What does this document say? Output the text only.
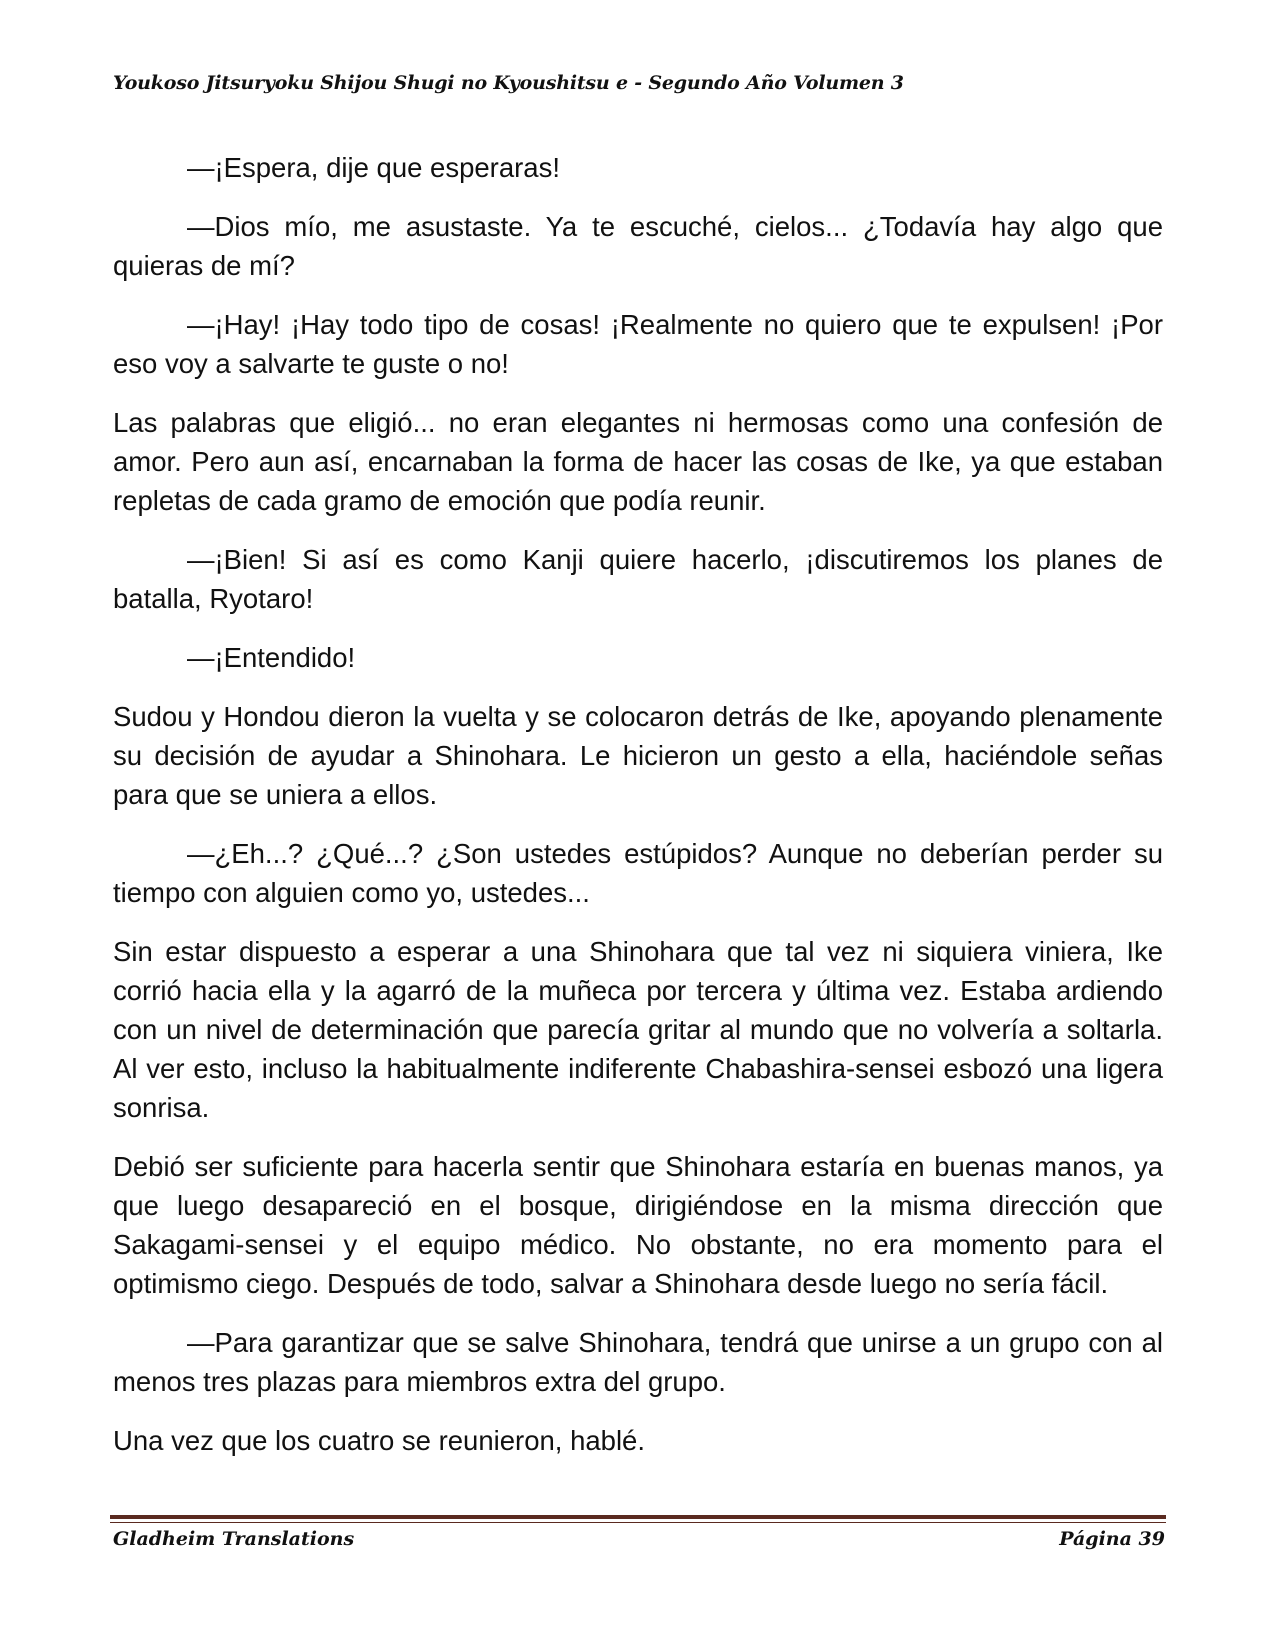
Youkoso Jitsuryoku Shijou Shugi no Kyoushitsu e - Segundo Año Volumen 3

—¡Espera, dije que esperaras!

—Dios mío, me asustaste. Ya te escuché, cielos... ¿Todavía hay algo que quieras de mí?

—¡Hay! ¡Hay todo tipo de cosas! ¡Realmente no quiero que te expulsen! ¡Por eso voy a salvarte te guste o no!

Las palabras que eligió... no eran elegantes ni hermosas como una confesión de amor. Pero aun así, encarnaban la forma de hacer las cosas de Ike, ya que estaban repletas de cada gramo de emoción que podía reunir.

—¡Bien! Si así es como Kanji quiere hacerlo, ¡discutiremos los planes de batalla, Ryotaro!

—¡Entendido!

Sudou y Hondou dieron la vuelta y se colocaron detrás de Ike, apoyando plenamente su decisión de ayudar a Shinohara. Le hicieron un gesto a ella, haciéndole señas para que se uniera a ellos.

—¿Eh...? ¿Qué...? ¿Son ustedes estúpidos? Aunque no deberían perder su tiempo con alguien como yo, ustedes...

Sin estar dispuesto a esperar a una Shinohara que tal vez ni siquiera viniera, Ike corrió hacia ella y la agarró de la muñeca por tercera y última vez. Estaba ardiendo con un nivel de determinación que parecía gritar al mundo que no volvería a soltarla. Al ver esto, incluso la habitualmente indiferente Chabashira-sensei esbozó una ligera sonrisa.

Debió ser suficiente para hacerla sentir que Shinohara estaría en buenas manos, ya que luego desapareció en el bosque, dirigiéndose en la misma dirección que Sakagami-sensei y el equipo médico. No obstante, no era momento para el optimismo ciego. Después de todo, salvar a Shinohara desde luego no sería fácil.

—Para garantizar que se salve Shinohara, tendrá que unirse a un grupo con al menos tres plazas para miembros extra del grupo.

Una vez que los cuatro se reunieron, hablé.

Gladheim Translations	Página 39
